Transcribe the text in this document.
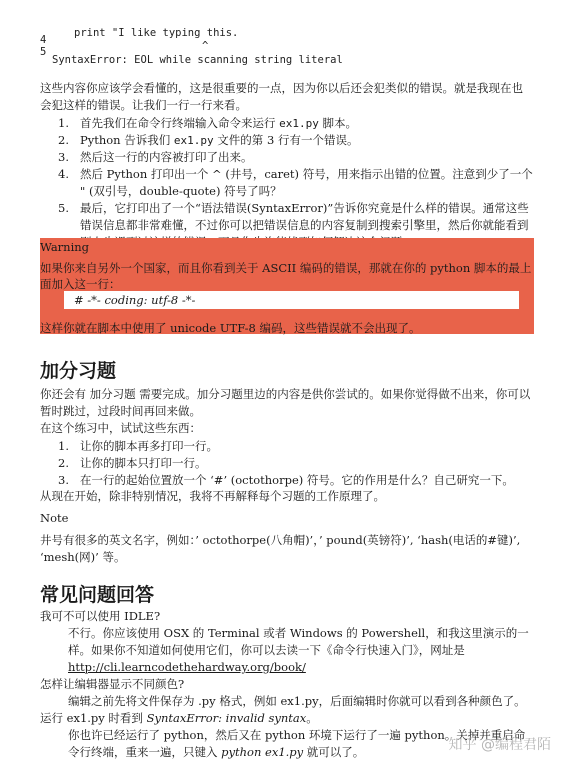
print "I like typing this.
4
5	^
SyntaxError: EOL while scanning string literal
这些内容你应该学会看懂的，这是很重要的一点，因为你以后还会犯类似的错误。就是我现在也会犯这样的错误。让我们一行一行来看。
1. 首先我们在命令行终端输入命令来运行 ex1.py 脚本。
2. Python 告诉我们 ex1.py 文件的第 3 行有一个错误。
3. 然后这一行的内容被打印了出来。
4. 然后 Python 打印出一个 ^ (井号，caret) 符号，用来指示出错的位置。注意到少了一个 " (双引号，double-quote) 符号了吗？
5. 最后，它打印出了一个“语法错误(SyntaxError)”告诉你究竟是什么样的错误。通常这些错误信息都非常难懂，不过你可以把错误信息的内容复制到搜索引擎里，然后你就能看到
Warning
如果你来自另外一个国家，而且你看到关于 ASCII 编码的错误，那就在你的 python 脚本的最上面加入这一行：
# -*- coding: utf-8 -*-
这样你就在脚本中使用了 unicode UTF-8 编码，这些错误就不会出现了。
加分习题
你还会有 加分习题 需要完成。加分习题里边的内容是供你尝试的。如果你觉得做不出来，你可以暂时跳过，过段时间再回来做。
在这个练习中，试试这些东西：
1. 让你的脚本再多打印一行。
2. 让你的脚本只打印一行。
3. 在一行的起始位置放一个 ‘#’ (octothorpe) 符号。它的作用是什么？自己研究一下。
从现在开始，除非特别情况，我将不再解释每个习题的工作原理了。
Note
井号有很多的英文名字，例如：’ octothorpe(八角帽)’，’ pound(英镑符)’, ‘hash(电话的#键)’, ‘mesh(网)’ 等。
常见问题回答
我可不可以使用 IDLE?
不行。你应该使用 OSX 的 Terminal 或者 Windows 的 Powershell，和我这里演示的一样。如果你不知道如何使用它们，你可以去读一下《命令行快速入门》，网址是
http://cli.learncodethehardway.org/book/
怎样让编辑器显示不同颜色?
编辑之前先将文件保存为 .py 格式，例如 ex1.py，后面编辑时你就可以看到各种颜色了。
运行 ex1.py 时看到 SyntaxError: invalid syntax。
你也许已经运行了 python，然后又在 python 环境下运行了一遍 python。关掉并重启命令行终端，重来一遍，只键入 python ex1.py 就可以了。	知乎 @编程君陌
